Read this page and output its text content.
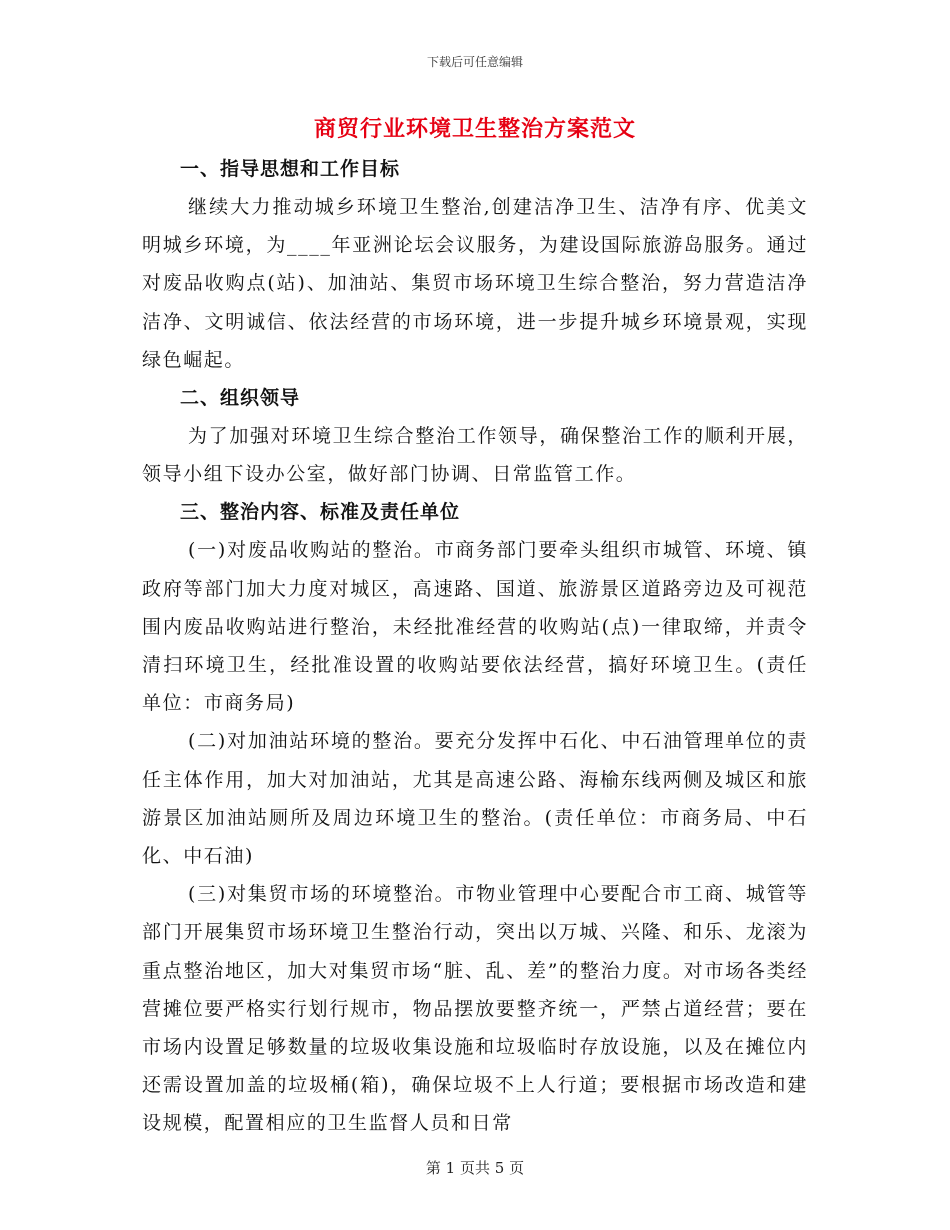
下载后可任意编辑
商贸行业环境卫生整治方案范文
一、指导思想和工作目标

继续大力推动城乡环境卫生整治,创建洁净卫生、洁净有序、优美文明城乡环境，为____年亚洲论坛会议服务，为建设国际旅游岛服务。通过对废品收购点(站)、加油站、集贸市场环境卫生综合整治，努力营造洁净洁净、文明诚信、依法经营的市场环境，进一步提升城乡环境景观，实现绿色崛起。

二、组织领导

为了加强对环境卫生综合整治工作领导，确保整治工作的顺利开展，领导小组下设办公室，做好部门协调、日常监管工作。

三、整治内容、标准及责任单位

(一)对废品收购站的整治。市商务部门要牵头组织市城管、环境、镇政府等部门加大力度对城区，高速路、国道、旅游景区道路旁边及可视范围内废品收购站进行整治，未经批准经营的收购站(点)一律取缔，并责令清扫环境卫生，经批准设置的收购站要依法经营，搞好环境卫生。(责任单位：市商务局)

(二)对加油站环境的整治。要充分发挥中石化、中石油管理单位的责任主体作用，加大对加油站，尤其是高速公路、海榆东线两侧及城区和旅游景区加油站厕所及周边环境卫生的整治。(责任单位：市商务局、中石化、中石油)

(三)对集贸市场的环境整治。市物业管理中心要配合市工商、城管等部门开展集贸市场环境卫生整治行动，突出以万城、兴隆、和乐、龙滚为重点整治地区，加大对集贸市场“脏、乱、差”的整治力度。对市场各类经营摊位要严格实行划行规市，物品摆放要整齐统一，严禁占道经营；要在市场内设置足够数量的垃圾收集设施和垃圾临时存放设施，以及在摊位内还需设置加盖的垃圾桶(箱)，确保垃圾不上人行道；要根据市场改造和建设规模，配置相应的卫生监督人员和日常

第 1 页共 5 页
